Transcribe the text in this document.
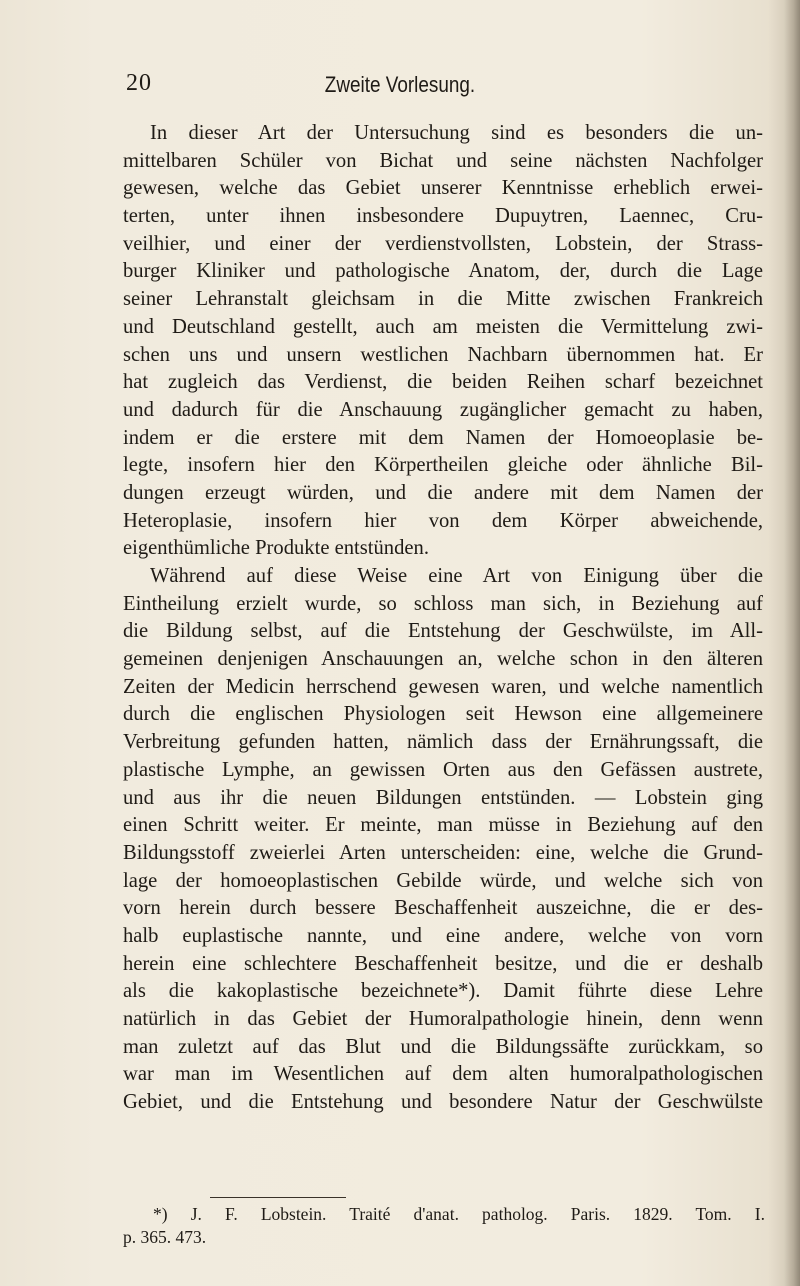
20	Zweite Vorlesung.
In dieser Art der Untersuchung sind es besonders die un-
mittelbaren Schüler von Bichat und seine nächsten Nachfolger
gewesen, welche das Gebiet unserer Kenntnisse erheblich erwei-
terten, unter ihnen insbesondere Dupuytren, Laennec, Cru-
veilhier, und einer der verdienstvollsten, Lobstein, der Strass-
burger Kliniker und pathologische Anatom, der, durch die Lage
seiner Lehranstalt gleichsam in die Mitte zwischen Frankreich
und Deutschland gestellt, auch am meisten die Vermittelung zwi-
schen uns und unsern westlichen Nachbarn übernommen hat. Er
hat zugleich das Verdienst, die beiden Reihen scharf bezeichnet
und dadurch für die Anschauung zugänglicher gemacht zu haben,
indem er die erstere mit dem Namen der Homoeoplasie be-
legte, insofern hier den Körpertheilen gleiche oder ähnliche Bil-
dungen erzeugt würden, und die andere mit dem Namen der
Heteroplasie, insofern hier von dem Körper abweichende,
eigenthümliche Produkte entstünden.
Während auf diese Weise eine Art von Einigung über die
Eintheilung erzielt wurde, so schloss man sich, in Beziehung auf
die Bildung selbst, auf die Entstehung der Geschwülste, im All-
gemeinen denjenigen Anschauungen an, welche schon in den älteren
Zeiten der Medicin herrschend gewesen waren, und welche namentlich
durch die englischen Physiologen seit Hewson eine allgemeinere
Verbreitung gefunden hatten, nämlich dass der Ernährungssaft, die
plastische Lymphe, an gewissen Orten aus den Gefässen austrete,
und aus ihr die neuen Bildungen entstünden. — Lobstein ging
einen Schritt weiter. Er meinte, man müsse in Beziehung auf den
Bildungsstoff zweierlei Arten unterscheiden: eine, welche die Grund-
lage der homoeoplastischen Gebilde würde, und welche sich von
vorn herein durch bessere Beschaffenheit auszeichne, die er des-
halb euplastische nannte, und eine andere, welche von vorn
herein eine schlechtere Beschaffenheit besitze, und die er deshalb
als die kakoplastische bezeichnete*). Damit führte diese Lehre
natürlich in das Gebiet der Humoralpathologie hinein, denn wenn
man zuletzt auf das Blut und die Bildungssäfte zurückkam, so
war man im Wesentlichen auf dem alten humoralpathologischen
Gebiet, und die Entstehung und besondere Natur der Geschwülste
*) J. F. Lobstein. Traité d'anat. patholog. Paris. 1829. Tom. I.
p. 365. 473.
